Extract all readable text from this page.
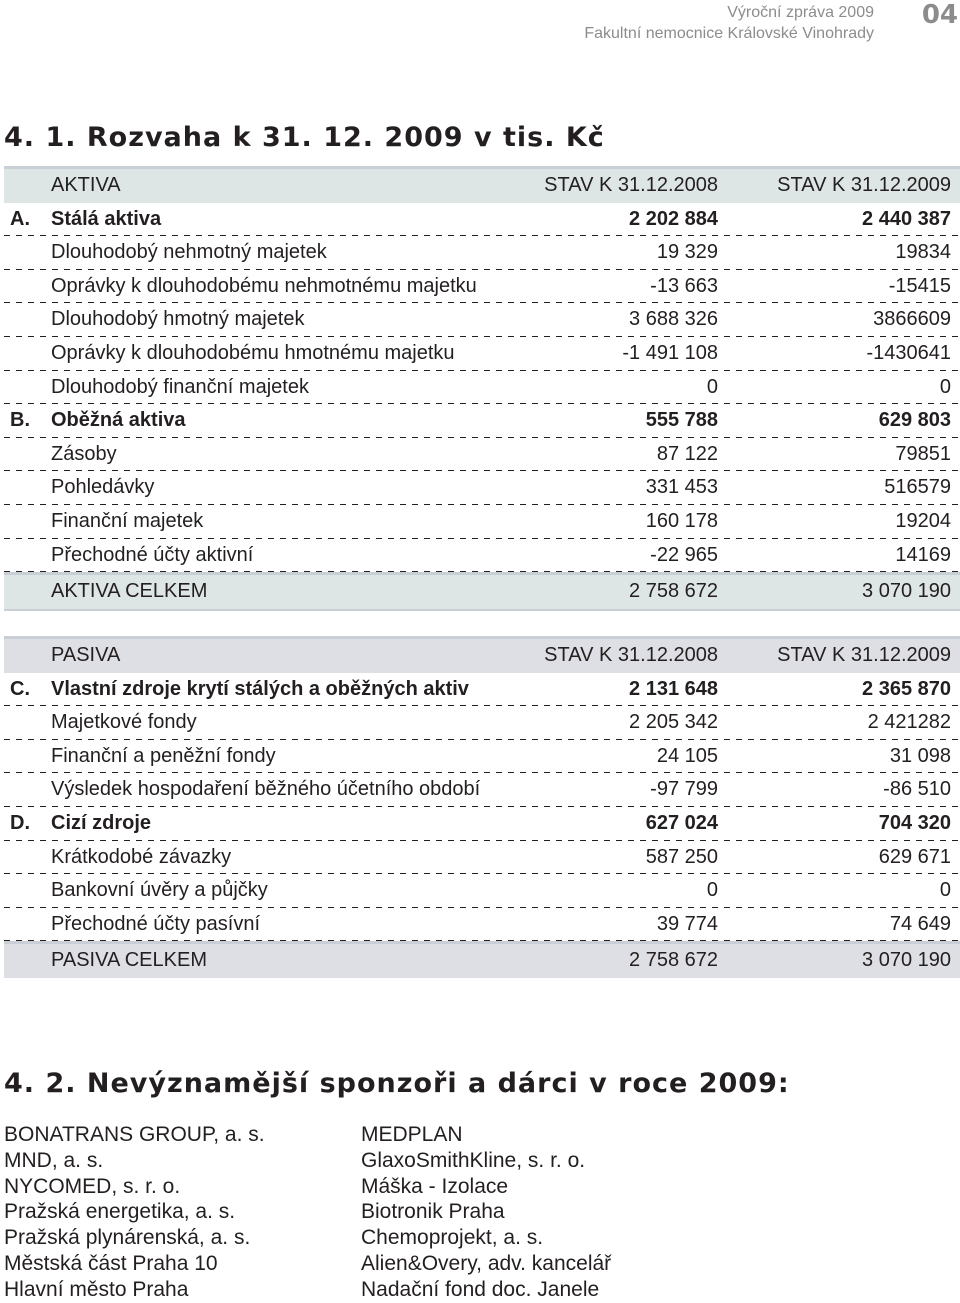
Výroční zpráva 2009
Fakultní nemocnice Královské Vinohrady
04
4. 1. Rozvaha k 31. 12. 2009 v tis. Kč
AKTIVA	STAV K 31.12.2008	STAV K 31.12.2009
A. Stálá aktiva	2 202 884	2 440 387
Dlouhodobý nehmotný majetek	19 329	19834
Oprávky k dlouhodobému nehmotnému majetku	-13 663	-15415
Dlouhodobý hmotný majetek	3 688 326	3866609
Oprávky k dlouhodobému hmotnému majetku	-1 491 108	-1430641
Dlouhodobý finanční majetek	0	0
B. Oběžná aktiva	555 788	629 803
Zásoby	87 122	79851
Pohledávky	331 453	516579
Finanční majetek	160 178	19204
Přechodné účty aktivní	-22 965	14169
AKTIVA CELKEM	2 758 672	3 070 190
PASIVA	STAV K 31.12.2008	STAV K 31.12.2009
C. Vlastní zdroje krytí stálých a oběžných aktiv	2 131 648	2 365 870
Majetkové fondy	2 205 342	2 421282
Finanční a peněžní fondy	24 105	31 098
Výsledek hospodaření běžného účetního období	-97 799	-86 510
D. Cizí zdroje	627 024	704 320
Krátkodobé závazky	587 250	629 671
Bankovní úvěry a půjčky	0	0
Přechodné účty pasívní	39 774	74 649
PASIVA CELKEM	2 758 672	3 070 190
4. 2. Nevýznamější sponzoři a dárci v roce 2009:
BONATRANS GROUP, a. s.
MND, a. s.
NYCOMED, s. r. o.
Pražská energetika, a. s.
Pražská plynárenská, a. s.
Městská část Praha 10
Hlavní město Praha
MEDPLAN
GlaxoSmithKline, s. r. o.
Máška - Izolace
Biotronik Praha
Chemoprojekt, a. s.
Alien&Overy, adv. kancelář
Nadační fond doc. Janele
